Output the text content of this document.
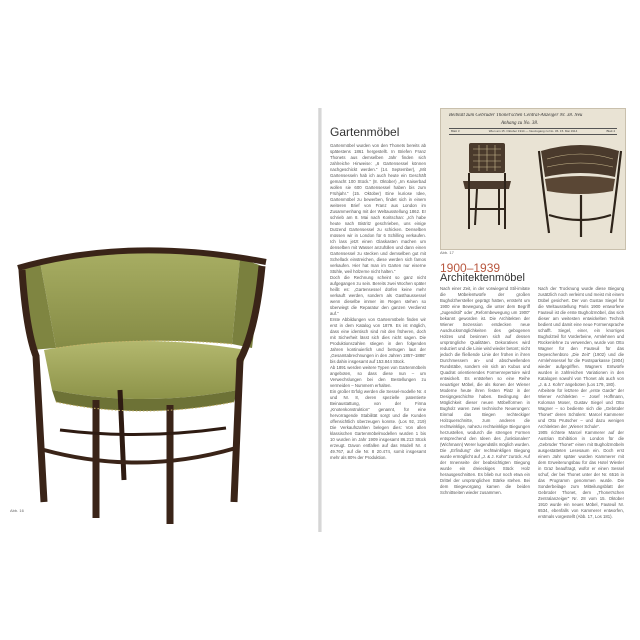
Abb. 16
Gartenmöbel

Gartenmöbel wurden von den Thonets bereits ab spätestens 1861 hergestellt. In Briefen Franz Thonets aus demselben Jahr finden sich zahlreiche Hinweise: „6 Gartensessel können nachgeschickt werden.“ (14. September), „Mit Gartensesseln hab ich auch heute ein Geschäft gemacht 100 Stück.“ (8. Oktober) „Im Kaiserbad wollen sie 600 Gartensessel haben bis zum Frühjahr.“ (15. Oktober) Eine kuriose Idee, Gartenmöbel zu bewerben, findet sich in einem weiteren Brief von Franz aus London im Zusammenhang mit der Weltausstellung 1862. Er schrieb am 8. Mai nach Koritschan: „Ich habe heute nach Bistritz geschrieben, uns einige Dutzend Gartensessel zu schicken. Denselben müssen wir in London für 6 Schilling verkaufen. Ich lass jetzt einen Glaskasten machen um denselben mit Wasser anzufüllen und dann einen Gartensessel zu stecken und demselben gut mit Schellack einstreichen, diese werden sich famos verkaufen. Hier hat man im Garten nur eiserne Stühle, weil hölzerne nicht halten.“

Doch die Rechnung scheint so ganz nicht aufgegangen zu sein. Bereits zwei Wochen später heißt es: „Gartensessel dürfen keine mehr verkauft werden, sondern als Gasthaussessel wenn dieselbe immer im Regen stehen so überwiegt die Reparatur den ganzen Verdienst auf.“

Erste Abbildungen von Gartenmöbeln finden wir erst in dem Katalog von 1879. Es ist möglich, dass eine identisch sind mit den früheren, doch mit Sicherheit lässt sich dies nicht sagen. Die Produktionszahlen stiegen in den folgenden Jahren kontinuierlich und betrugen laut der „Gesamtabrechnungen in den Jahren 1857–1886“ bis dahin insgesamt auf 153.844 Stück.

Ab 1891 werden weitere Typen von Gartenmöbeln angeboten, so dass diese nun – um Verwechslungen bei den Bestellungen zu vermeiden – Nummern erhalten.

Ein großer Erfolg werden die Sessel-modelle Nr. 4 und Nr. 8, deren spezielle patentierte Beinaustattung, von der Firma „Knotenkonstruktion“ genannt, für eine hervorragende Stabilität sorgt und die Kunden offensichtlich überzeugen konnte. (Los 92, 219) Die Verkaufszahlen belegen dies: Von allen klassischen Gartenmöbelmodellen wurden 1 bis 10 wurden im Jahr 1909 insgesamt 86.213 Stück erzeugt. Davon entfallen auf das Modell Nr. 4 49.767, auf die Nr. 8 20.474, somit insgesamt mehr als 80% der Produktion.

Beiblatt zum Gebrüder Thonet'schen Central-Anzeiger Nr. 38. Neu
Anhang zu No. 38.
Blatt 3	Wien am 15. Oktober 1914 — Neuzugang zu No. 36. 15. Mai 1914	Blatt 4
Abb. 17
1900–1939
Architektenmöbel

Nach einer Zeit, in der vorwiegend Stil-imitate die Möbelentwürfe der großen Bugholzhersteller geprägt hatten, entsteht um 1900 eine Bewegung, die unter dem Begriff „Jugendstil“ oder „Reformbewegung um 1900“ bekannt geworden ist. Die Architekten der Wiener Sezession entdecken neue Ausdrucksmöglichkeiten des gebogenen Holzes und besinnen sich auf dessen ursprüngliche Qualitäten. Dekoratives wird reduziert und die Linie wird wieder betont; nicht jedoch die fließende Linie der frühen in ihren Durchmessern an- und abschwellenden Rundstäbe, sondern ein sich an Kubus und Quadrat orientierendes Formenrepertoire wird entwickelt. Es entstehen so eine Reihe neuartiger Möbel, die als Ikonen der Wiener Moderne heute ihren festen Platz in der Designgeschichte haben. Bedingung der Möglichkeit dieser neuen Möbelformen in Bugholz waren zwei technische Neuerungen: Einmal das Biegen rechteckiger Holzquerschnitte, zum anderen die rechtwinklige, nahezu rechtwinklige Biegungen herzustellen, wodurch die strengen Formen entsprechend den Ideen des „funktionalen“ (Wichmann) Werer lugendstils möglich wurden. Die „Erfindung“ der rechtwinkligen Biegung wurde ermöglicht auf „J. & J. Kohn“ zurück. Auf der Innenseite der beabsichtigten Biegung wurde ein dreieckiges Stück Holz herausgeschnitten. Es blieb nur noch etwa ein Drittel der ursprünglichen Stärke stehen. Bei dem Biegevorgang kamen die beiden Schnittseiten wieder zusammen.

Nach der Trocknung wurde diese Biegung zusätzlich noch verleimt und meist mit einem Dübel gesichert. Der von Gustav Siegel für die Weltausstellung Paris 1900 entworfene Fauteuil ist die erste Bugholzmöbel, das sich dieser am weitesten entwickelten Technik bedient und damit eine neue Formensprache schafft. Siegel, einer, ein knorriges Bugholzteil für Vorderbeine, Armlehnen und Rückenlehne zu verwenden, wurde von Otto Wagner für den Fauteuil für das Depeschenbüro „Die Zeit“ (1902) und die Armlehnsessel für die Postsparkasse (1904) wieder aufgegriffen. Wagners Entwürfe wurden in zahlreichen Variationen in den Katalogen sowohl von Thonet als auch von „J. & J. Kohn“ angeboten (Los 179, 180).

Arbeitete für letztere der „erste Garde“ der Wiener Architekten – Josef Hoffmann, Koloman Moser, Gustav Siegel und Otto Wagner – so bediente sich die „Gebrüder Thonet“ deren Schülern: Marcel Kammerer und Otto Prutscher – und dazu wenigen Architekten der „Wiener Schule“.

1905 richtete Marcel Kammerer auf der Austrian Exhibition in London für die „Gebrüder Thonet“ einen mit Bugholzmöbeln ausgestatteten Lesesaum ein. Doch erst einem Jahr später wurden Kammerer mit dem Erweiterungsbau für das Hotel Wiesler in Graz beauftragt, wofür er einen Sessel schuf, der bei Thonet unter der Nr. 6516 in das Programm genommen wurde. Die Sonderbeilage zum Mitteilungsblatt der Gebrüder Thonet, dem „Thonet'schen Zentralanzeiger“ Nr. 28 vom 15. Oktober 1910 wurde ein neues Möbel, Fauteuil Nr. 6534, ebenfalls von Kammerer entworfen, erstmals vorgestellt (Abb. 17, Los 181).
